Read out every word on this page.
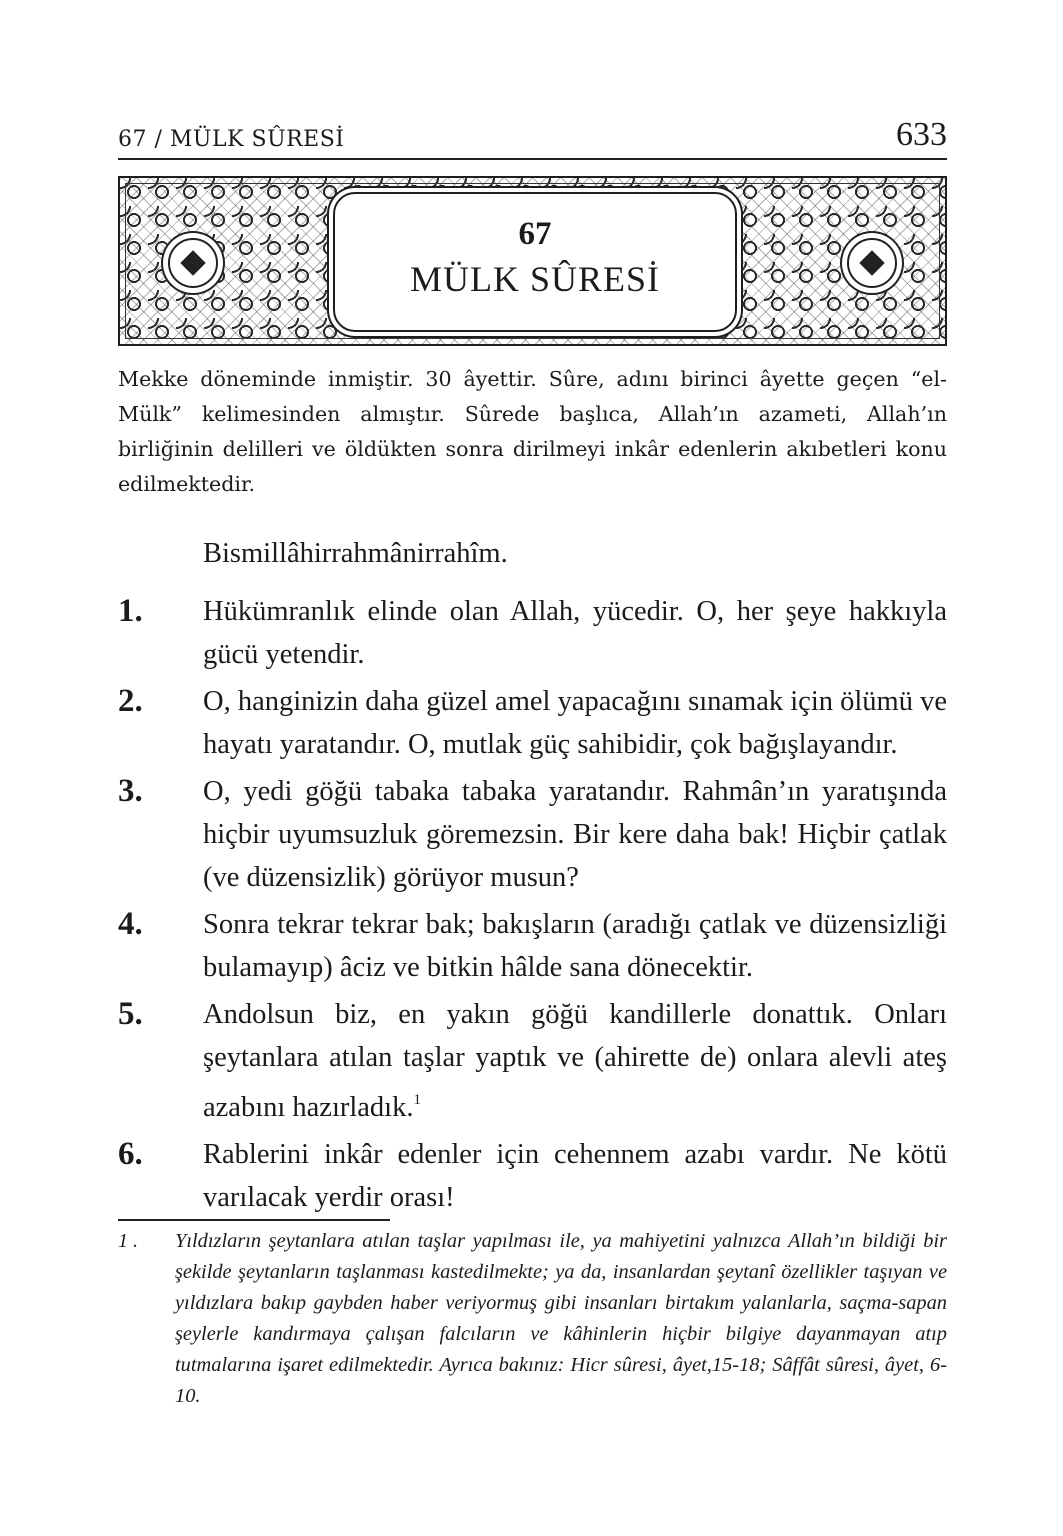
67 / MÜLK SÛRESİ	633
67
MÜLK SÛRESİ

Mekke döneminde inmiştir. 30 âyettir. Sûre, adını birinci âyette geçen “el-Mülk” kelimesinden almıştır. Sûrede başlıca, Allah’ın azameti, Allah’ın birliğinin delilleri ve öldükten sonra dirilmeyi inkâr edenlerin akıbetleri konu edilmektedir.

Bismillâhirrahmânirrahîm.
1. Hükümranlık elinde olan Allah, yücedir. O, her şeye hakkıyla gücü yetendir.

2. O, hanginizin daha güzel amel yapacağını sınamak için ölümü ve hayatı yaratandır. O, mutlak güç sahibidir, çok bağışlayandır.

3. O, yedi göğü tabaka tabaka yaratandır. Rahmân’ın yaratışında hiçbir uyumsuzluk göremezsin. Bir kere daha bak! Hiçbir çatlak (ve düzensizlik) görüyor musun?

4. Sonra tekrar tekrar bak; bakışların (aradığı çatlak ve düzensizliği bulamayıp) âciz ve bitkin hâlde sana dönecektir.

5. Andolsun biz, en yakın göğü kandillerle donattık. Onları şeytanlara atılan taşlar yaptık ve (ahirette de) onlara alevli ateş azabını hazırladık.$^1$

6. Rablerini inkâr edenler için cehennem azabı vardır. Ne kötü varılacak yerdir orası!

1 . Yıldızların şeytanlara atılan taşlar yapılması ile, ya mahiyetini yalnızca Allah’ın bildiği bir şekilde şeytanların taşlanması kastedilmekte; ya da, insanlardan şeytanî özellikler taşıyan ve yıldızlara bakıp gaybden haber veriyormuş gibi insanları birtakım yalanlarla, saçma-sapan şeylerle kandırmaya çalışan falcıların ve kâhinlerin hiçbir bilgiye dayanmayan atıp tutmalarına işaret edilmektedir. Ayrıca bakınız: Hicr sûresi, âyet,15-18; Sâffât sûresi, âyet, 6-10.
